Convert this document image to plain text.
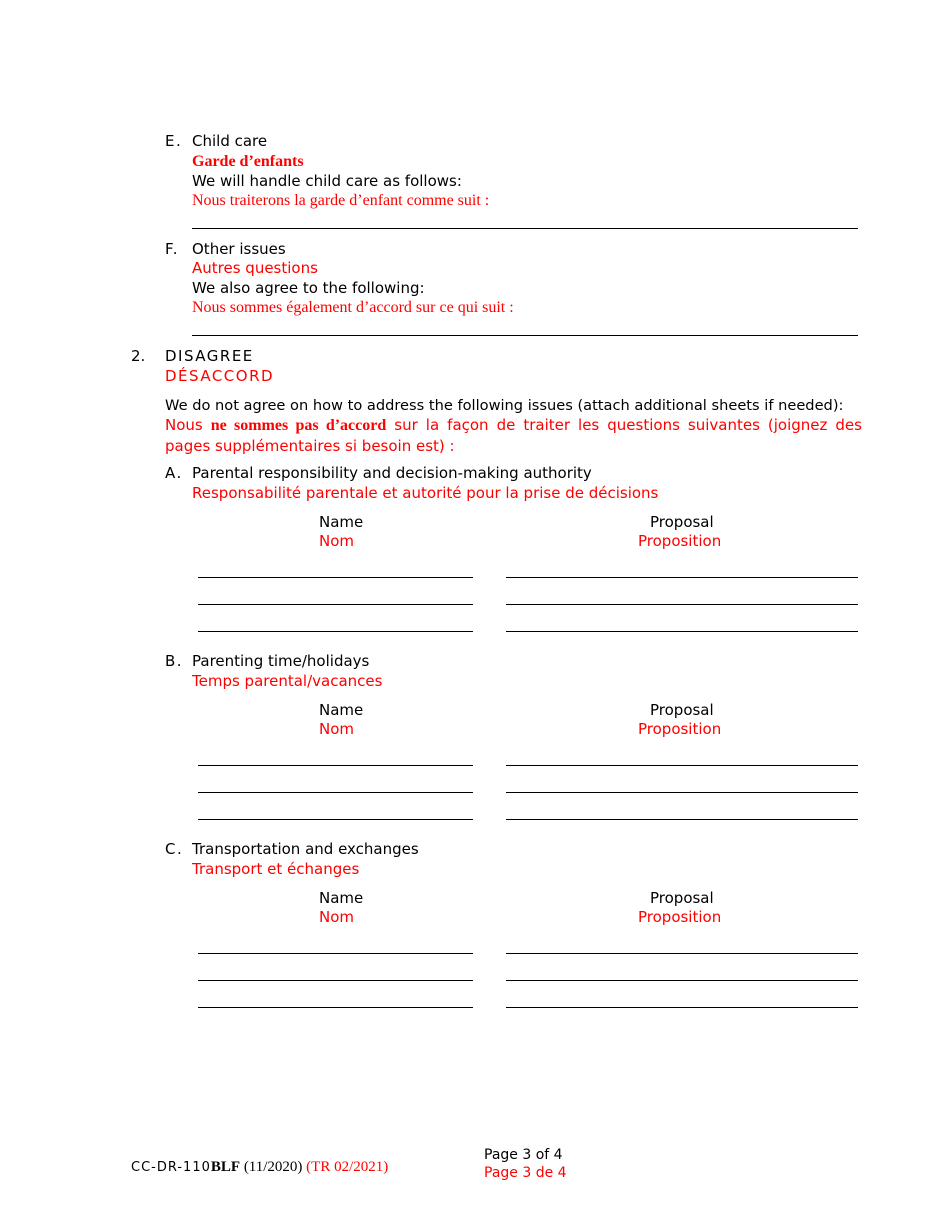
E. Child care
Garde d’enfants
We will handle child care as follows:
Nous traiterons la garde d’enfant comme suit :
F. Other issues
Autres questions
We also agree to the following:
Nous sommes également d’accord sur ce qui suit :
2. DISAGREE
DÉSACCORD
We do not agree on how to address the following issues (attach additional sheets if needed):
Nous ne sommes pas d’accord sur la façon de traiter les questions suivantes (joignez des pages supplémentaires si besoin est) :
A. Parental responsibility and decision-making authority
Responsabilité parentale et autorité pour la prise de décisions
Name
Nom
Proposal
Proposition
B. Parenting time/holidays
Temps parental/vacances
Name
Nom
Proposal
Proposition
C. Transportation and exchanges
Transport et échanges
Name
Nom
Proposal
Proposition
CC-DR-110BLF (11/2020) (TR 02/2021)
Page 3 of 4
Page 3 de 4
